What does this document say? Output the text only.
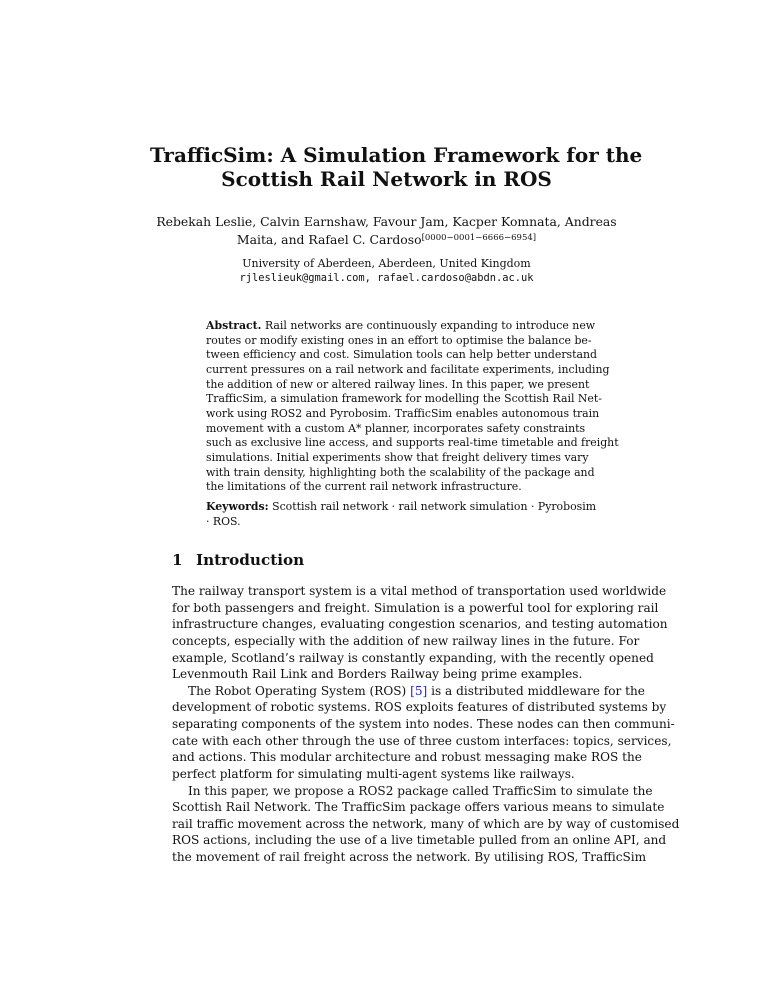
TrafficSim: A Simulation Framework for the
Scottish Rail Network in ROS
Rebekah Leslie, Calvin Earnshaw, Favour Jam, Kacper Komnata, Andreas
Maita, and Rafael C. Cardoso[0000−0001−6666−6954]
University of Aberdeen, Aberdeen, United Kingdom
rjleslieuk@gmail.com, rafael.cardoso@abdn.ac.uk
Abstract. Rail networks are continuously expanding to introduce new
routes or modify existing ones in an effort to optimise the balance be-
tween efficiency and cost. Simulation tools can help better understand
current pressures on a rail network and facilitate experiments, including
the addition of new or altered railway lines. In this paper, we present
TrafficSim, a simulation framework for modelling the Scottish Rail Net-
work using ROS2 and Pyrobosim. TrafficSim enables autonomous train
movement with a custom A* planner, incorporates safety constraints
such as exclusive line access, and supports real-time timetable and freight
simulations. Initial experiments show that freight delivery times vary
with train density, highlighting both the scalability of the package and
the limitations of the current rail network infrastructure.
Keywords: Scottish rail network · rail network simulation · Pyrobosim
· ROS.
1 Introduction
The railway transport system is a vital method of transportation used worldwide
for both passengers and freight. Simulation is a powerful tool for exploring rail
infrastructure changes, evaluating congestion scenarios, and testing automation
concepts, especially with the addition of new railway lines in the future. For
example, Scotland’s railway is constantly expanding, with the recently opened
Levenmouth Rail Link and Borders Railway being prime examples.
The Robot Operating System (ROS) [5] is a distributed middleware for the
development of robotic systems. ROS exploits features of distributed systems by
separating components of the system into nodes. These nodes can then communi-
cate with each other through the use of three custom interfaces: topics, services,
and actions. This modular architecture and robust messaging make ROS the
perfect platform for simulating multi-agent systems like railways.
In this paper, we propose a ROS2 package called TrafficSim to simulate the
Scottish Rail Network. The TrafficSim package offers various means to simulate
rail traffic movement across the network, many of which are by way of customised
ROS actions, including the use of a live timetable pulled from an online API, and
the movement of rail freight across the network. By utilising ROS, TrafficSim
